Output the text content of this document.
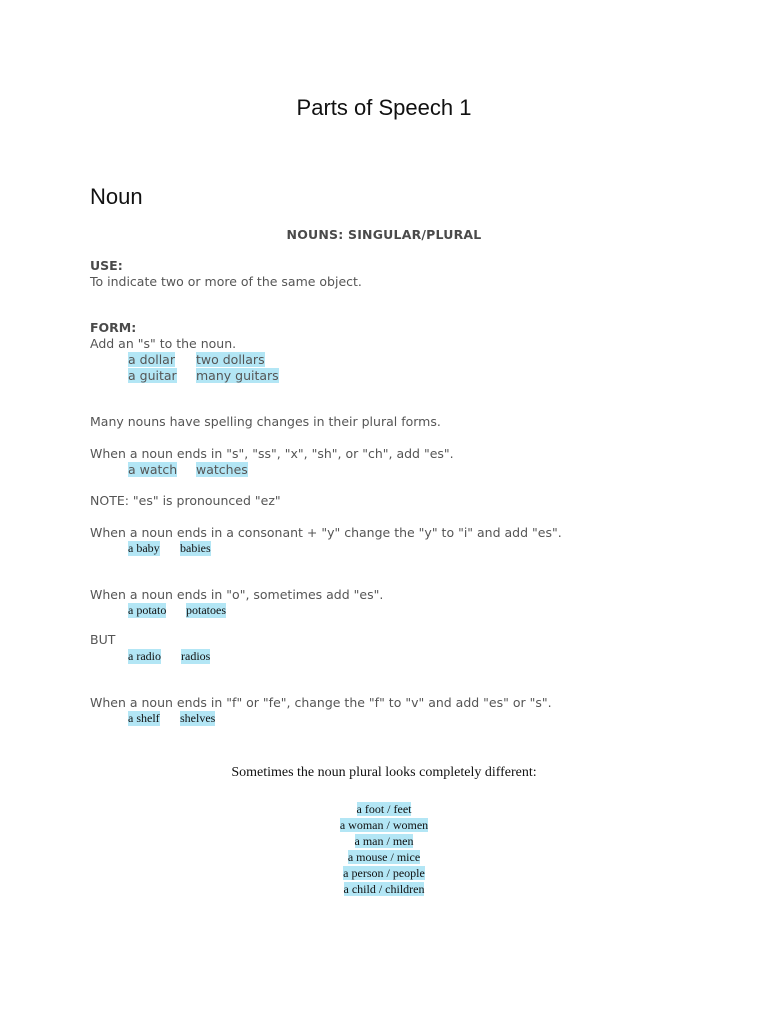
Parts of Speech 1
Noun
NOUNS: SINGULAR/PLURAL
USE:
To indicate two or more of the same object.
FORM:
Add an "s" to the noun.
a dollar two dollars
a guitar many guitars
Many nouns have spelling changes in their plural forms.
When a noun ends in "s", "ss", "x", "sh", or "ch", add "es".
a watch watches
NOTE: "es" is pronounced "ez"
When a noun ends in a consonant + "y" change the "y" to "i" and add "es".
a baby babies
When a noun ends in "o", sometimes add "es".
a potato potatoes
BUT
a radio radios
When a noun ends in "f" or "fe", change the "f" to "v" and add "es" or "s".
a shelf shelves
Sometimes the noun plural looks completely different:
a foot / feet
a woman / women
a man / men
a mouse / mice
a person / people
a child / children
